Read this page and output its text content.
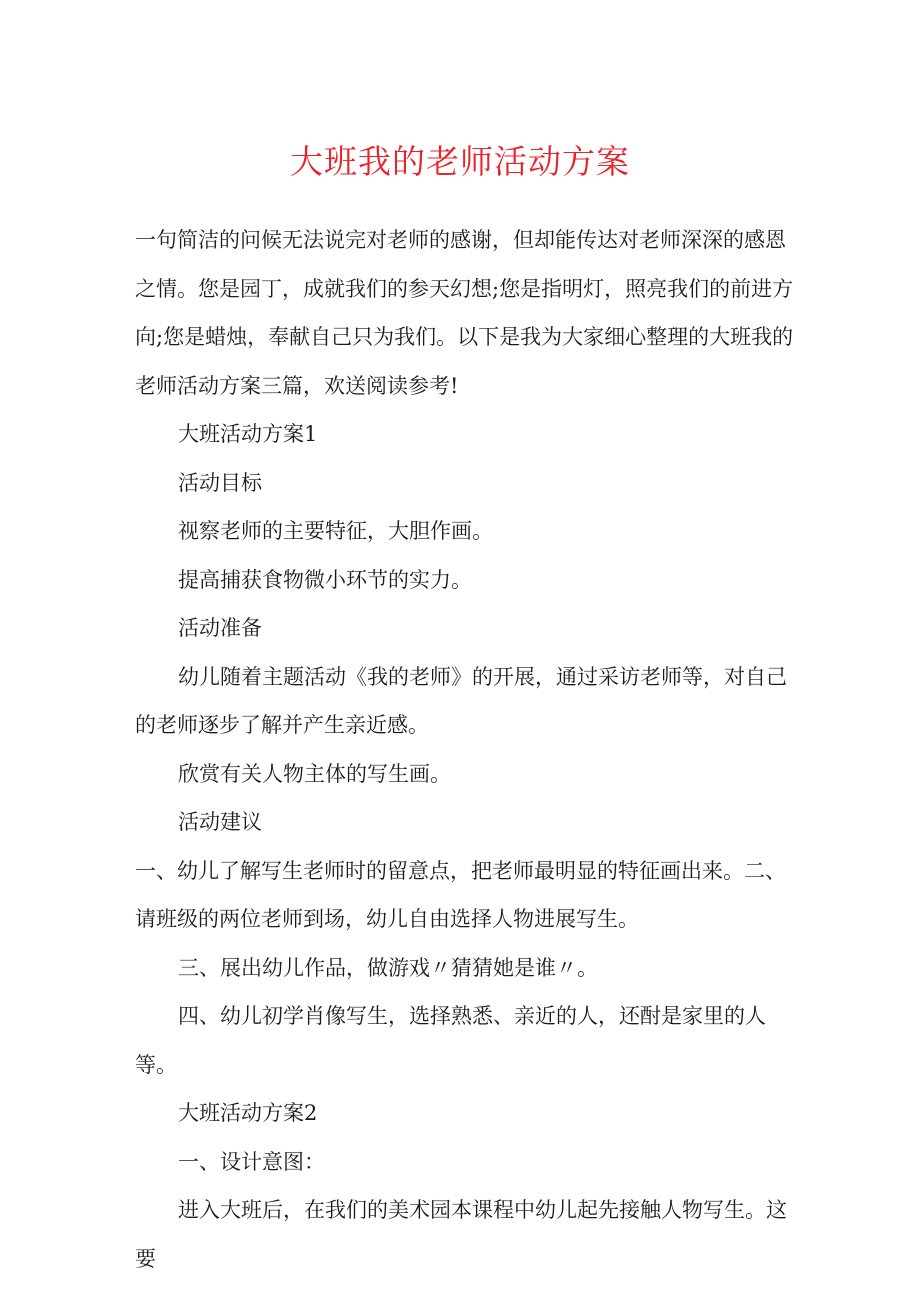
大班我的老师活动方案

一句简洁的问候无法说完对老师的感谢，但却能传达对老师深深的感恩之情。您是园丁，成就我们的参天幻想;您是指明灯，照亮我们的前进方向;您是蜡烛，奉献自己只为我们。以下是我为大家细心整理的大班我的老师活动方案三篇，欢送阅读参考!

大班活动方案1

活动目标

视察老师的主要特征，大胆作画。

提高捕获食物微小环节的实力。

活动准备

幼儿随着主题活动《我的老师》的开展，通过采访老师等，对自己的老师逐步了解并产生亲近感。

欣赏有关人物主体的写生画。

活动建议

一、幼儿了解写生老师时的留意点，把老师最明显的特征画出来。二、请班级的两位老师到场，幼儿自由选择人物进展写生。

三、展出幼儿作品，做游戏〃猜猜她是谁〃。

四、幼儿初学肖像写生，选择熟悉、亲近的人，还酎是家里的人等。

大班活动方案2

一、设计意图：

进入大班后，在我们的美术园本课程中幼儿起先接触人物写生。这要
